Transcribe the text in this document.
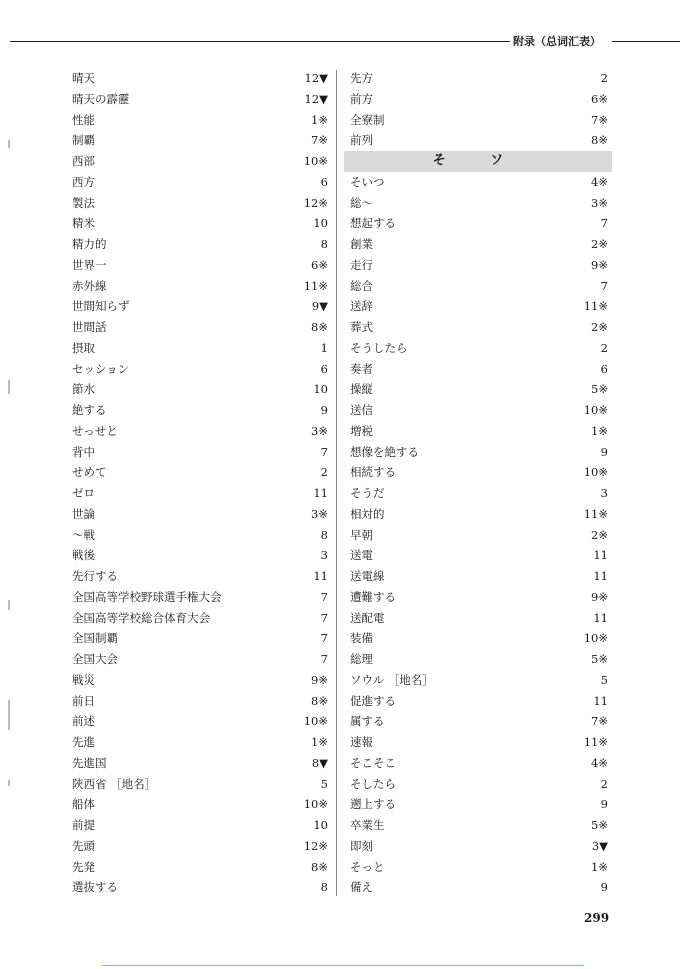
附录（总词汇表）
晴天	12▼
晴天の霹靂	12▼
性能	1※
制覇	7※
西部	10※
西方	6
製法	12※
精米	10
精力的	8
世界一	6※
赤外線	11※
世間知らず	9▼
世間話	8※
摂取	1
セッション	6
節水	10
絶する	9
せっせと	3※
背中	7
せめて	2
ゼロ	11
世論	3※
～戦	8
戦後	3
先行する	11
全国高等学校野球選手権大会	7
全国高等学校総合体育大会	7
全国制覇	7
全国大会	7
戦災	9※
前日	8※
前述	10※
先進	1※
先進国	8▼
陝西省 ［地名］	5
船体	10※
前提	10
先頭	12※
先発	8※
選抜する	8
先方	2
前方	6※
全寮制	7※
前列	8※
そ ソ
そいつ	4※
総～	3※
想起する	7
創業	2※
走行	9※
総合	7
送辞	11※
葬式	2※
そうしたら	2
奏者	6
操縦	5※
送信	10※
増税	1※
想像を絶する	9
相続する	10※
そうだ	3
相対的	11※
早朝	2※
送電	11
送電線	11
遭難する	9※
送配電	11
装備	10※
総理	5※
ソウル ［地名］	5
促進する	11
属する	7※
速報	11※
そこそこ	4※
そしたら	2
遡上する	9
卒業生	5※
即刻	3▼
そっと	1※
備え	9
299
